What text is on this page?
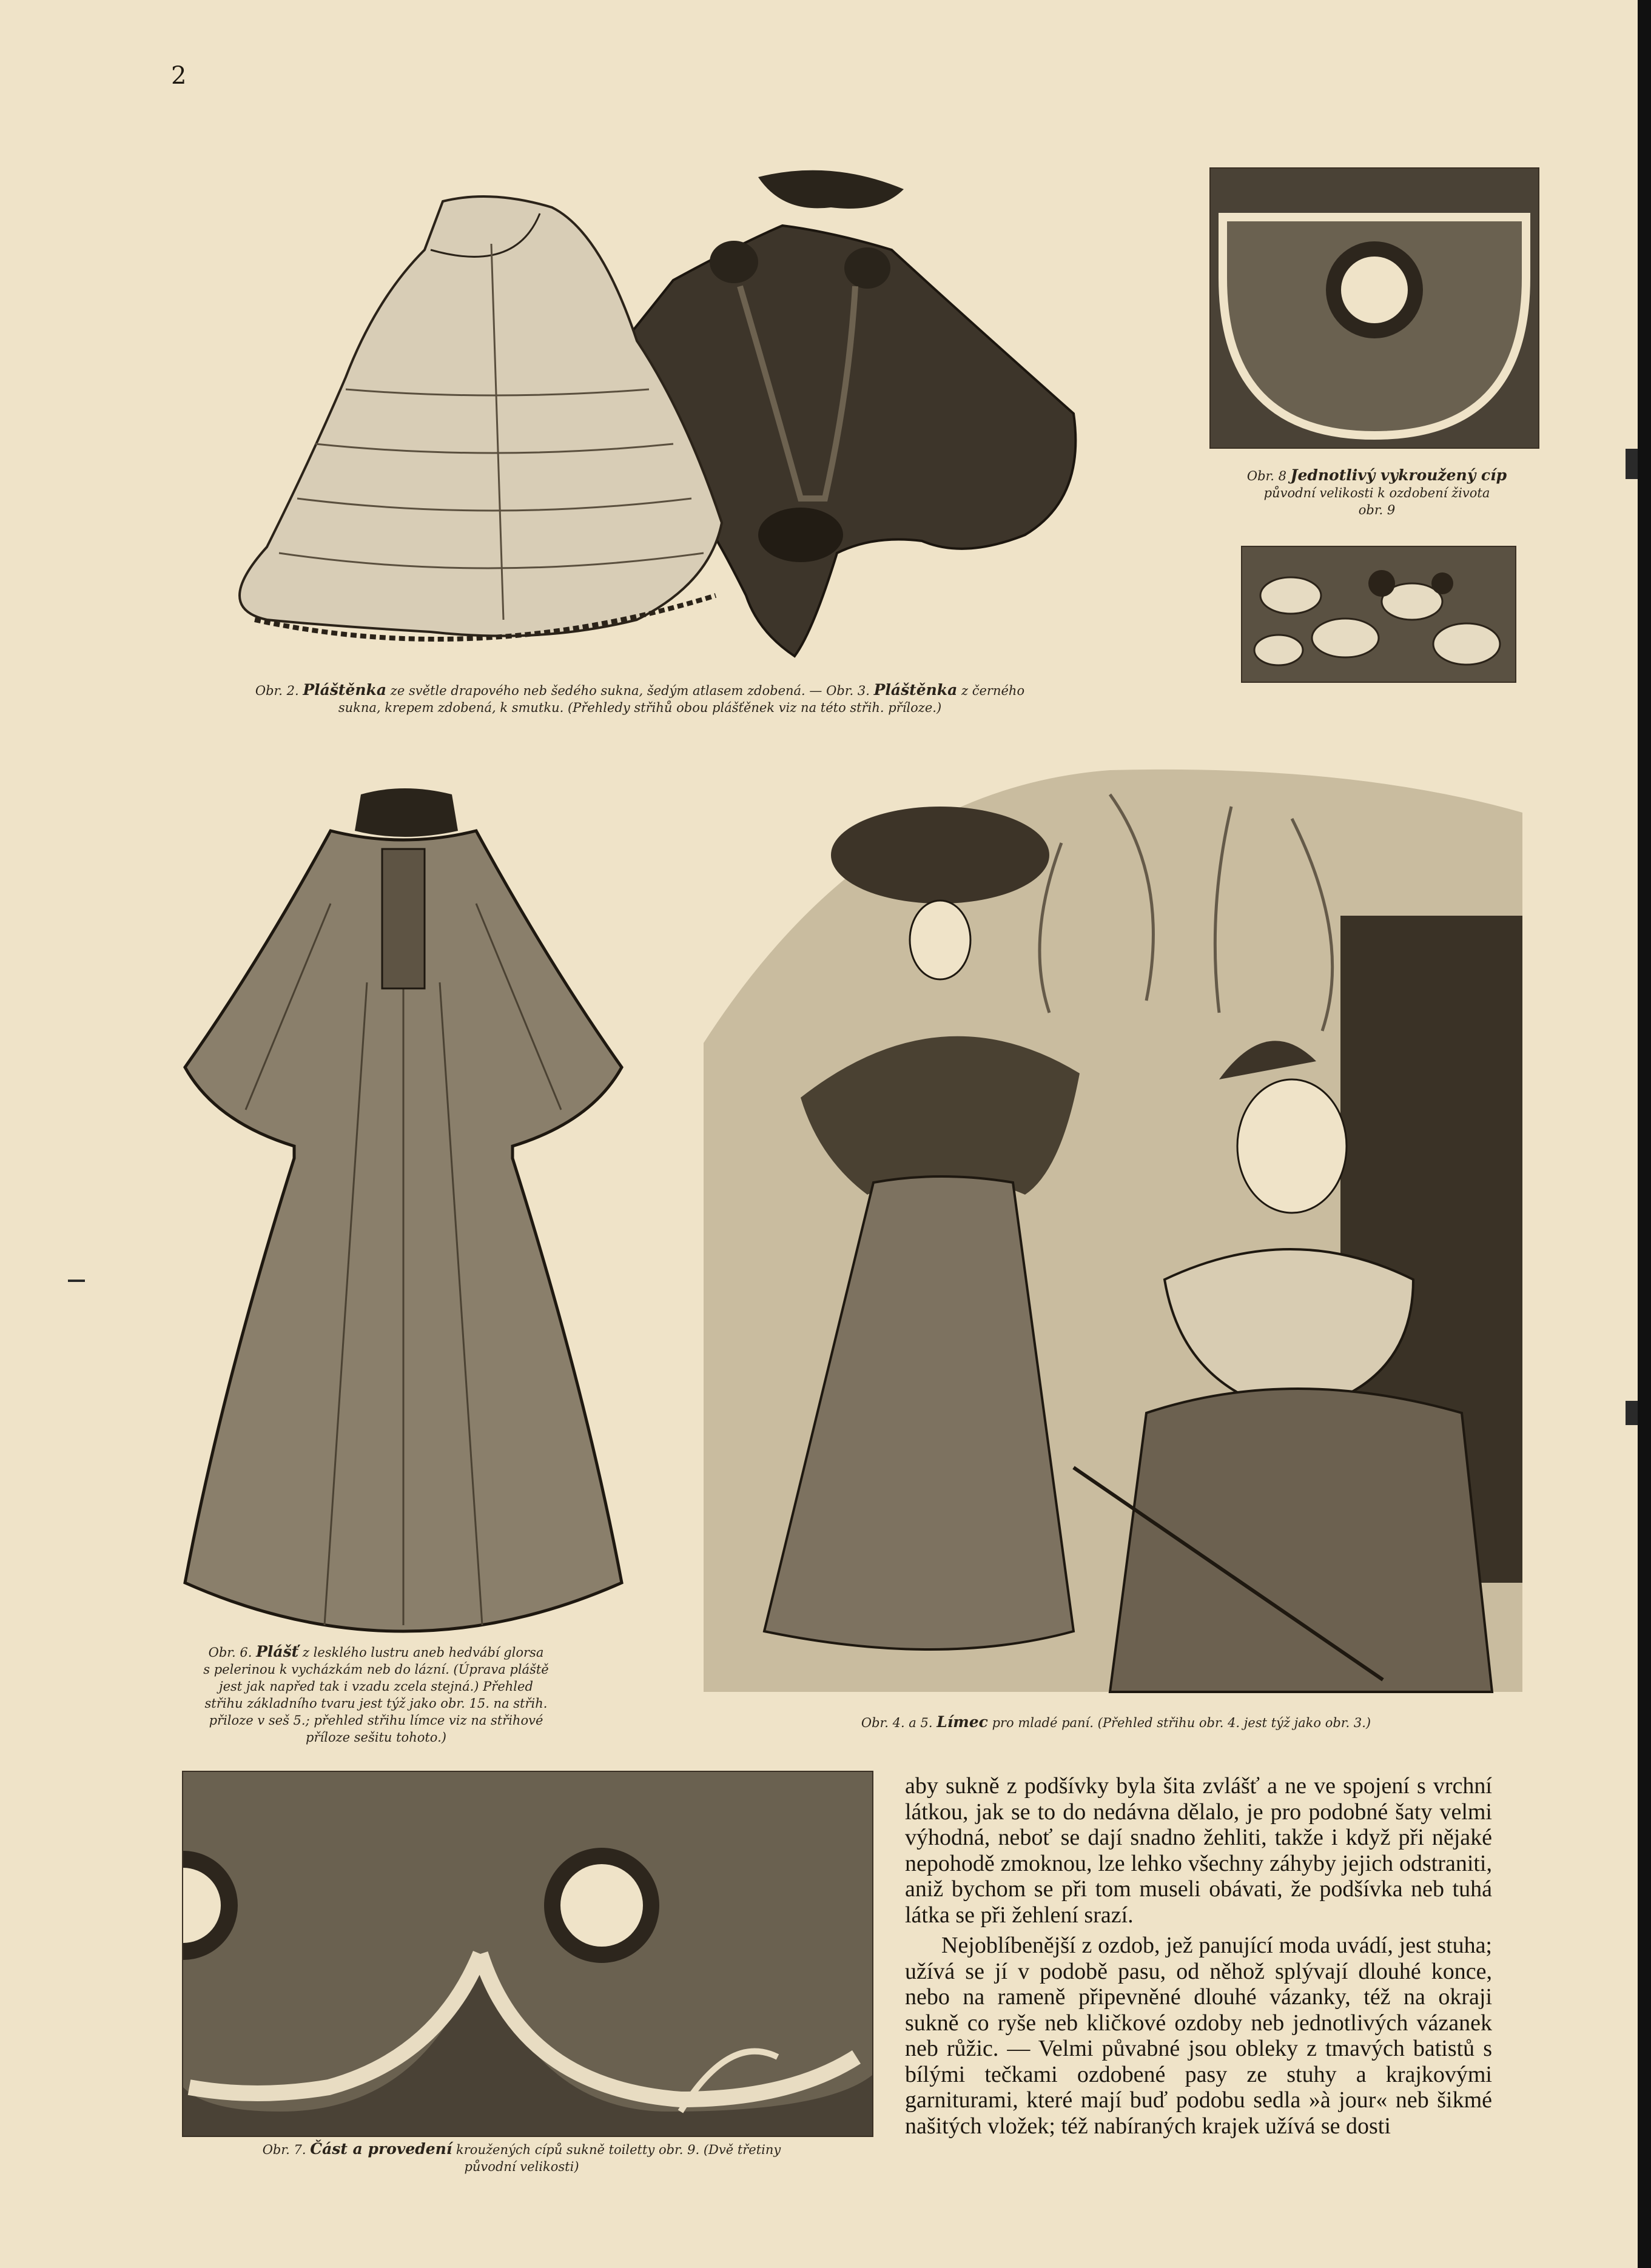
2
Obr. 2. Pláštěnka ze světle drapového neb šedého sukna, šedým atlasem zdobená. — Obr. 3. Pláštěnka z černého
sukna, krepem zdobená, k smutku. (Přehledy střihů obou plášťěnek viz na této střih. příloze.)
Obr. 8 Jednotlivý vykroužený cíp
původní velikosti k ozdobení života
obr. 9
Obr. 6. Plášť z lesklého lustru aneb hedvábí glorsa
s pelerinou k vycházkám neb do lázní. (Úprava pláště
jest jak napřed tak i vzadu zcela stejná.) Přehled
střihu základního tvaru jest týž jako obr. 15. na střih.
přiloze v seš 5.; přehled střihu límce viz na střihové
příloze sešitu tohoto.)
Obr. 4. a 5. Límec pro mladé paní. (Přehled střihu obr. 4. jest týž jako obr. 3.)
Obr. 7. Část a provedení kroužených cípů sukně toiletty obr. 9. (Dvě třetiny
původní velikosti)

aby sukně z podšívky byla šita zvlášť a ne ve spojení s vrchní látkou, jak se to do nedávna dělalo, je pro podobné šaty velmi výhodná, neboť se dají snadno žehliti, takže i když při nějaké nepohodě zmoknou, lze lehko všechny záhyby jejich odstraniti, aniž bychom se při tom museli obávati, že podšívka neb tuhá látka se při žehlení srazí.

Nejoblíbenější z ozdob, jež panující moda uvádí, jest stuha; užívá se jí v podobě pasu, od něhož splývají dlouhé konce, nebo na rameně připevněné dlouhé vázanky, též na okraji sukně co ryše neb kličkové ozdoby neb jednotlivých vázanek neb růžic. — Velmi půvabné jsou obleky z tmavých batistů s bílými tečkami ozdobené pasy ze stuhy a krajkovými garniturami, které mají buď podobu sedla »à jour« neb šikmé našitých vložek; též nabíraných krajek užívá se dosti
